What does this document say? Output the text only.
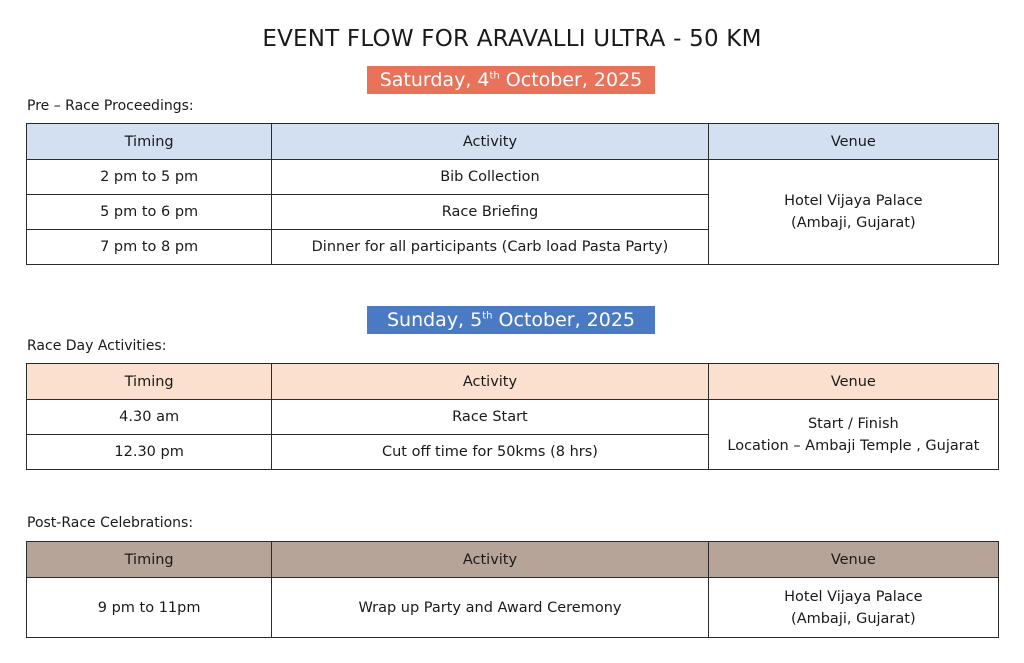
EVENT FLOW FOR ARAVALLI ULTRA - 50 KM
Saturday, 4th October, 2025
Pre – Race Proceedings:
Timing	Activity	Venue
2 pm to 5 pm	Bib Collection	Hotel Vijaya Palace
(Ambaji, Gujarat)

5 pm to 6 pm	Race Briefing	
7 pm to 8 pm	Dinner for all participants (Carb load Pasta Party)	
Sunday, 5th October, 2025
Race Day Activities:
Timing	Activity	Venue
4.30 am	Race Start	Start / Finish
Location – Ambaji Temple , Gujarat

12.30 pm	Cut off time for 50kms (8 hrs)	
Post-Race Celebrations:
Timing	Activity	Venue
9 pm to 11pm	Wrap up Party and Award Ceremony	Hotel Vijaya Palace
(Ambaji, Gujarat)
